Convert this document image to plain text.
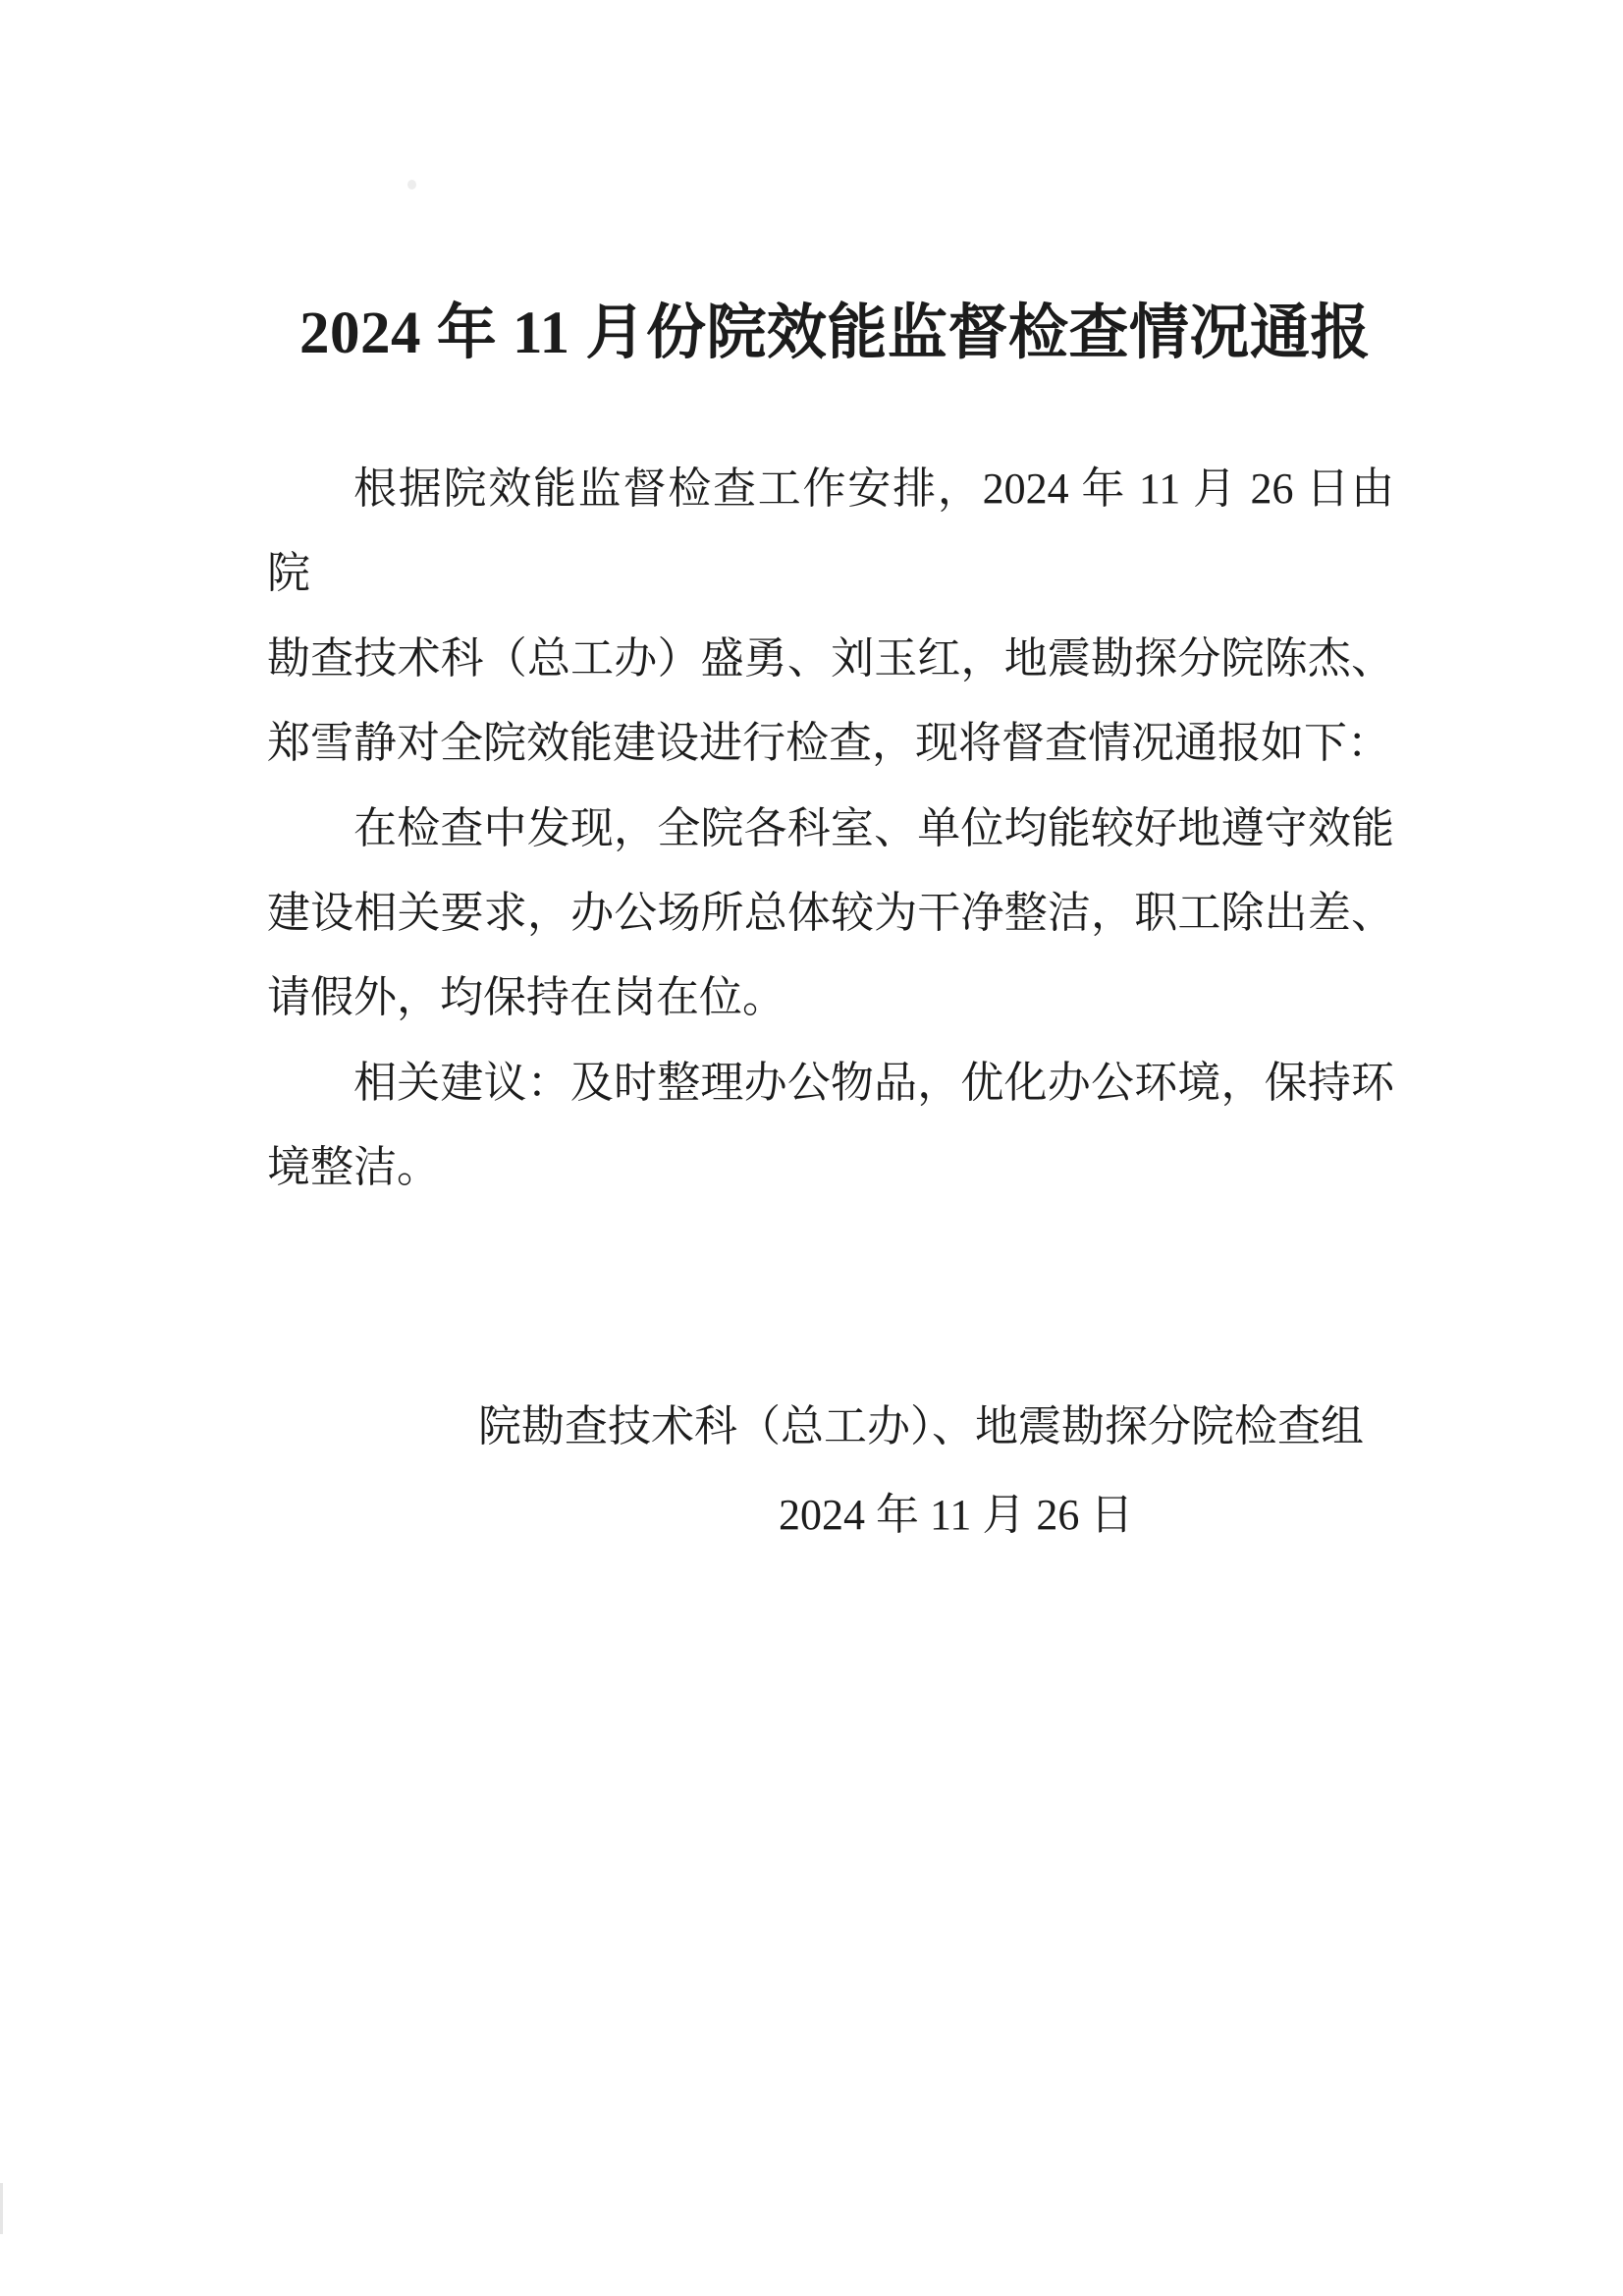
2024 年 11 月份院效能监督检查情况通报
根据院效能监督检查工作安排，2024 年 11 月 26 日由院
勘查技术科（总工办）盛勇、刘玉红，地震勘探分院陈杰、
郑雪静对全院效能建设进行检查，现将督查情况通报如下：
在检查中发现，全院各科室、单位均能较好地遵守效能
建设相关要求，办公场所总体较为干净整洁，职工除出差、
请假外，均保持在岗在位。
相关建议：及时整理办公物品，优化办公环境，保持环
境整洁。
院勘查技术科（总工办）、地震勘探分院检查组
2024 年 11 月 26 日
